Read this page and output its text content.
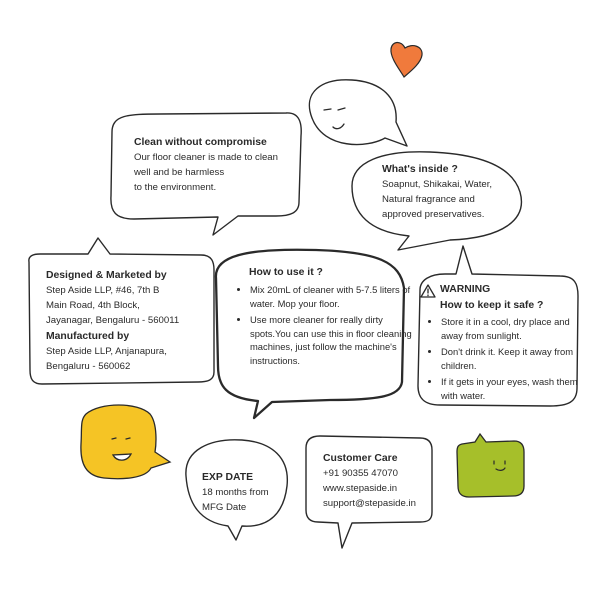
Clean without compromise
Our floor cleaner is made to clean
well and be harmless
to the environment.
What's inside ?
Soapnut, Shikakai, Water,
Natural fragrance and
approved preservatives.
Designed & Marketed by
Step Aside LLP, #46, 7th B
Main Road, 4th Block,
Jayanagar, Bengaluru - 560011
Manufactured by
Step Aside LLP, Anjanapura,
Bengaluru - 560062
How to use it ?
• Mix 20mL of cleaner with 5-7.5 liters of water. Mop your floor.
• Use more cleaner for really dirty spots.You can use this in floor cleaning machines, just follow the machine's instructions.
WARNING
How to keep it safe ?
• Store it in a cool, dry place and away from sunlight.
• Don't drink it. Keep it away from children.
• If it gets in your eyes, wash them with water.
EXP DATE
18 months from
MFG Date
Customer Care
+91 90355 47070
www.stepaside.in
support@stepaside.in
